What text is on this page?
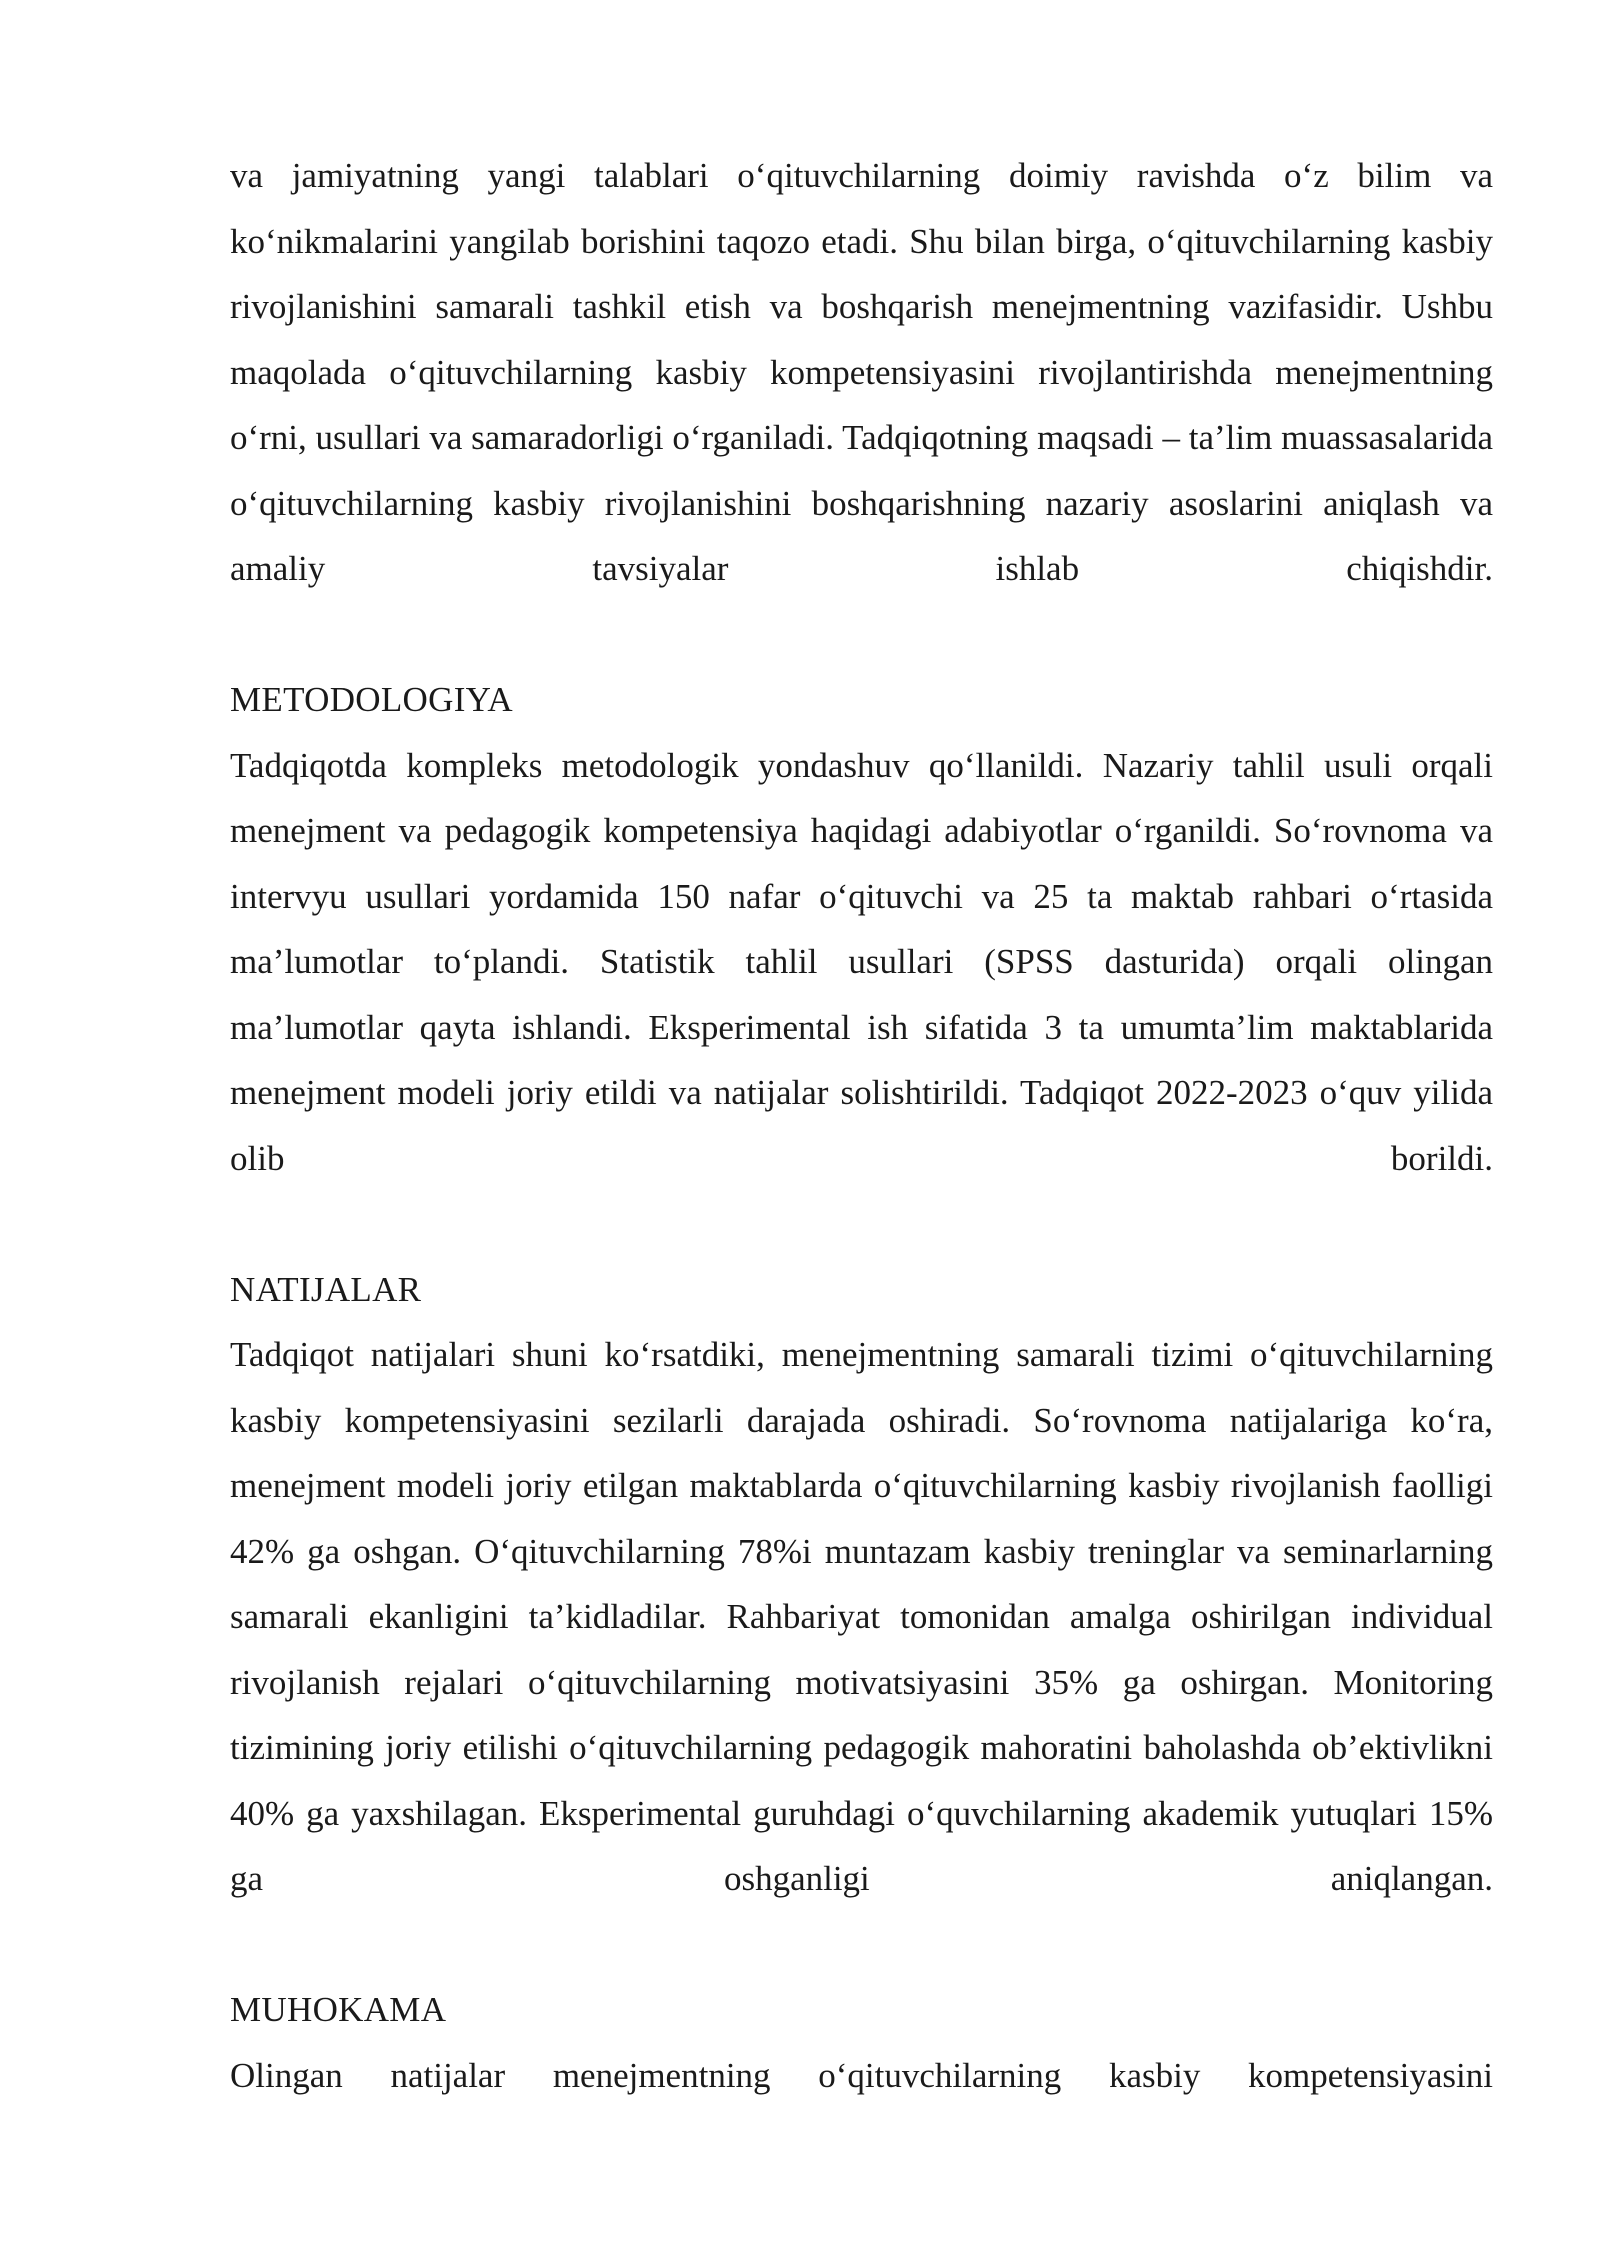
va jamiyatning yangi talablari o‘qituvchilarning doimiy ravishda o‘z bilim va ko‘nikmalarini yangilab borishini taqozo etadi. Shu bilan birga, o‘qituvchilarning kasbiy rivojlanishini samarali tashkil etish va boshqarish menejmentning vazifasidir. Ushbu maqolada o‘qituvchilarning kasbiy kompetensiyasini rivojlantirishda menejmentning o‘rni, usullari va samaradorligi o‘rganiladi. Tadqiqotning maqsadi – ta’lim muassasalarida o‘qituvchilarning kasbiy rivojlanishini boshqarishning nazariy asoslarini aniqlash va amaliy tavsiyalar ishlab chiqishdir.

METODOLOGIYA

Tadqiqotda kompleks metodologik yondashuv qo‘llanildi. Nazariy tahlil usuli orqali menejment va pedagogik kompetensiya haqidagi adabiyotlar o‘rganildi. So‘rovnoma va intervyu usullari yordamida 150 nafar o‘qituvchi va 25 ta maktab rahbari o‘rtasida ma’lumotlar to‘plandi. Statistik tahlil usullari (SPSS dasturida) orqali olingan ma’lumotlar qayta ishlandi. Eksperimental ish sifatida 3 ta umumta’lim maktablarida menejment modeli joriy etildi va natijalar solishtirildi. Tadqiqot 2022-2023 o‘quv yilida olib borildi.

NATIJALAR

Tadqiqot natijalari shuni ko‘rsatdiki, menejmentning samarali tizimi o‘qituvchilarning kasbiy kompetensiyasini sezilarli darajada oshiradi. So‘rovnoma natijalariga ko‘ra, menejment modeli joriy etilgan maktablarda o‘qituvchilarning kasbiy rivojlanish faolligi 42% ga oshgan. O‘qituvchilarning 78%i muntazam kasbiy treninglar va seminarlarning samarali ekanligini ta’kidladilar. Rahbariyat tomonidan amalga oshirilgan individual rivojlanish rejalari o‘qituvchilarning motivatsiyasini 35% ga oshirgan. Monitoring tizimining joriy etilishi o‘qituvchilarning pedagogik mahoratini baholashda ob’ektivlikni 40% ga yaxshilagan. Eksperimental guruhdagi o‘quvchilarning akademik yutuqlari 15% ga oshganligi aniqlangan.

MUHOKAMA

Olingan natijalar menejmentning o‘qituvchilarning kasbiy kompetensiyasini
